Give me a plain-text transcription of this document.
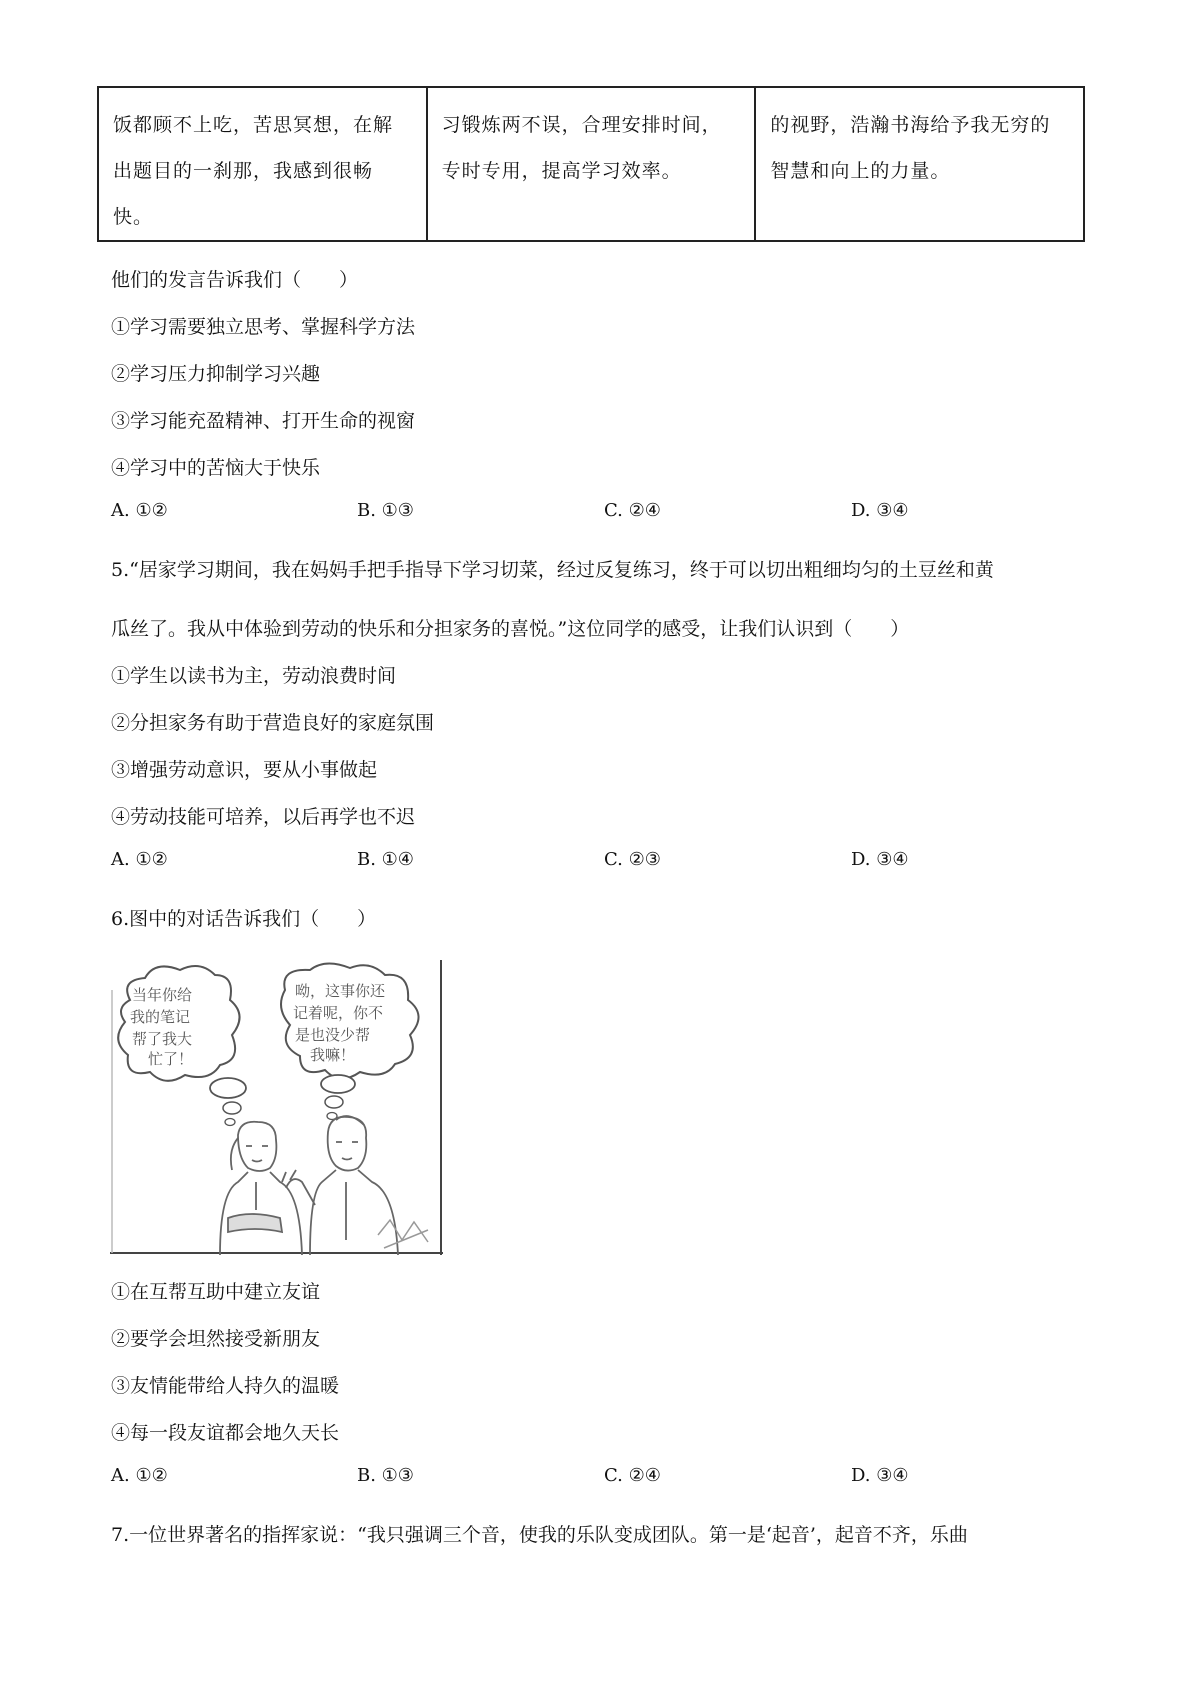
饭都顾不上吃，苦思冥想，在解出题目的一刹那，我感到很畅快。	习锻炼两不误，合理安排时间，专时专用，提高学习效率。	的视野，浩瀚书海给予我无穷的智慧和向上的力量。
他们的发言告诉我们（　　）
①学习需要独立思考、掌握科学方法
②学习压力抑制学习兴趣
③学习能充盈精神、打开生命的视窗
④学习中的苦恼大于快乐
A. ①②	B. ①③	C. ②④	D. ③④
5.“居家学习期间，我在妈妈手把手指导下学习切菜，经过反复练习，终于可以切出粗细均匀的土豆丝和黄
瓜丝了。我从中体验到劳动的快乐和分担家务的喜悦。”这位同学的感受，让我们认识到（　　）
①学生以读书为主，劳动浪费时间
②分担家务有助于营造良好的家庭氛围
③增强劳动意识，要从小事做起
④劳动技能可培养，以后再学也不迟
A. ①②	B. ①④	C. ②③	D. ③④
6.图中的对话告诉我们（　　）
当年你给 我的笔记 帮了我大 忙了！
呦，这事你还 记着呢，你不 是也没少帮 我嘛！
①在互帮互助中建立友谊
②要学会坦然接受新朋友
③友情能带给人持久的温暖
④每一段友谊都会地久天长
A. ①②	B. ①③	C. ②④	D. ③④
7.一位世界著名的指挥家说：“我只强调三个音，使我的乐队变成团队。第一是‘起音’，起音不齐，乐曲
